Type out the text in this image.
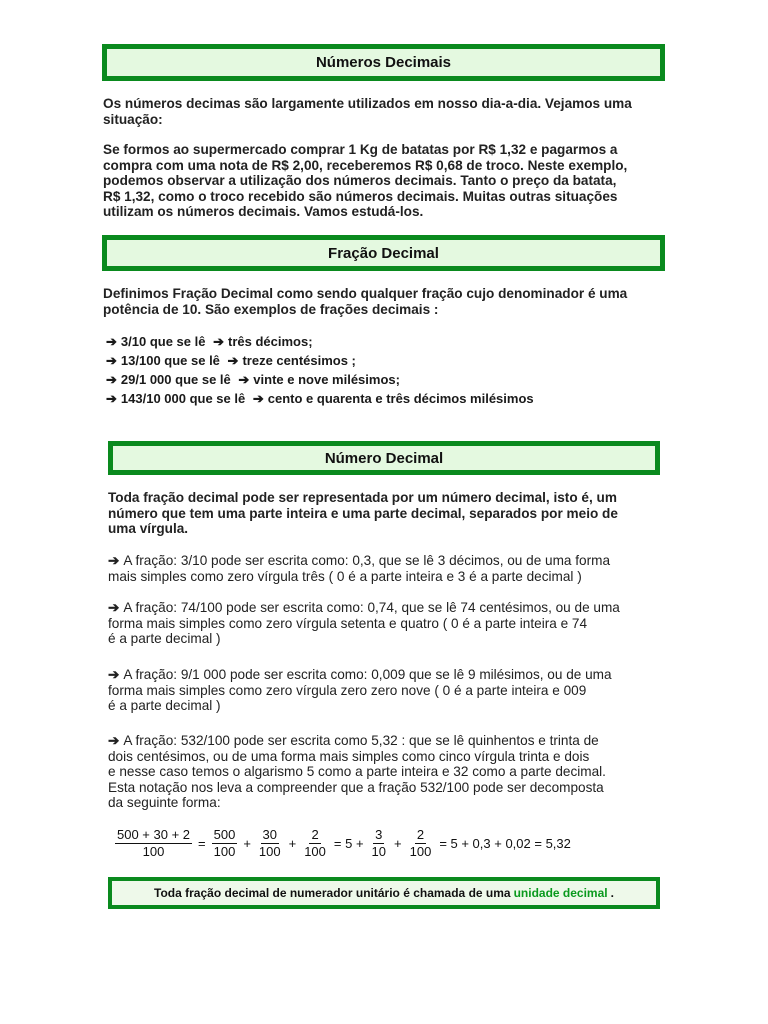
Números Decimais

Os números decimas são largamente utilizados em nosso dia-a-dia. Vejamos uma
situação:

Se formos ao supermercado comprar 1 Kg de batatas por R$ 1,32 e pagarmos a
compra com uma nota de R$ 2,00, receberemos R$ 0,68 de troco. Neste exemplo,
podemos observar a utilização dos números decimais. Tanto o preço da batata,
R$ 1,32, como o troco recebido são números decimais. Muitas outras situações
utilizam os números decimais. Vamos estudá-los.

Fração Decimal

Definimos Fração Decimal como sendo qualquer fração cujo denominador é uma
potência de 10. São exemplos de frações decimais :

➔ 3/10 que se lê ➔ três décimos;
➔ 13/100 que se lê ➔ treze centésimos ;
➔ 29/1 000 que se lê ➔ vinte e nove milésimos;
➔ 143/10 000 que se lê ➔ cento e quarenta e três décimos milésimos
Número Decimal

Toda fração decimal pode ser representada por um número decimal, isto é, um
número que tem uma parte inteira e uma parte decimal, separados por meio de
uma vírgula.

➔ A fração: 3/10 pode ser escrita como: 0,3, que se lê 3 décimos, ou de uma forma
mais simples como zero vírgula três ( 0 é a parte inteira e 3 é a parte decimal )

➔ A fração: 74/100 pode ser escrita como: 0,74, que se lê 74 centésimos, ou de uma
forma mais simples como zero vírgula setenta e quatro ( 0 é a parte inteira e 74
é a parte decimal )

➔ A fração: 9/1 000 pode ser escrita como: 0,009 que se lê 9 milésimos, ou de uma
forma mais simples como zero vírgula zero zero nove ( 0 é a parte inteira e 009
é a parte decimal )

➔ A fração: 532/100 pode ser escrita como 5,32 : que se lê quinhentos e trinta de
dois centésimos, ou de uma forma mais simples como cinco vírgula trinta e dois
e nesse caso temos o algarismo 5 como a parte inteira e 32 como a parte decimal.
Esta notação nos leva a compreender que a fração 532/100 pode ser decomposta
da seguinte forma:

$\frac{500 + 30 + 2}{100} = \frac{500}{100} + \frac{30}{100} + \frac{2}{100} = 5 + \frac{3}{10} + \frac{2}{100} = 5 + 0,3 + 0,02 = 5,32$
Toda fração decimal de numerador unitário é chamada de uma unidade decimal .
